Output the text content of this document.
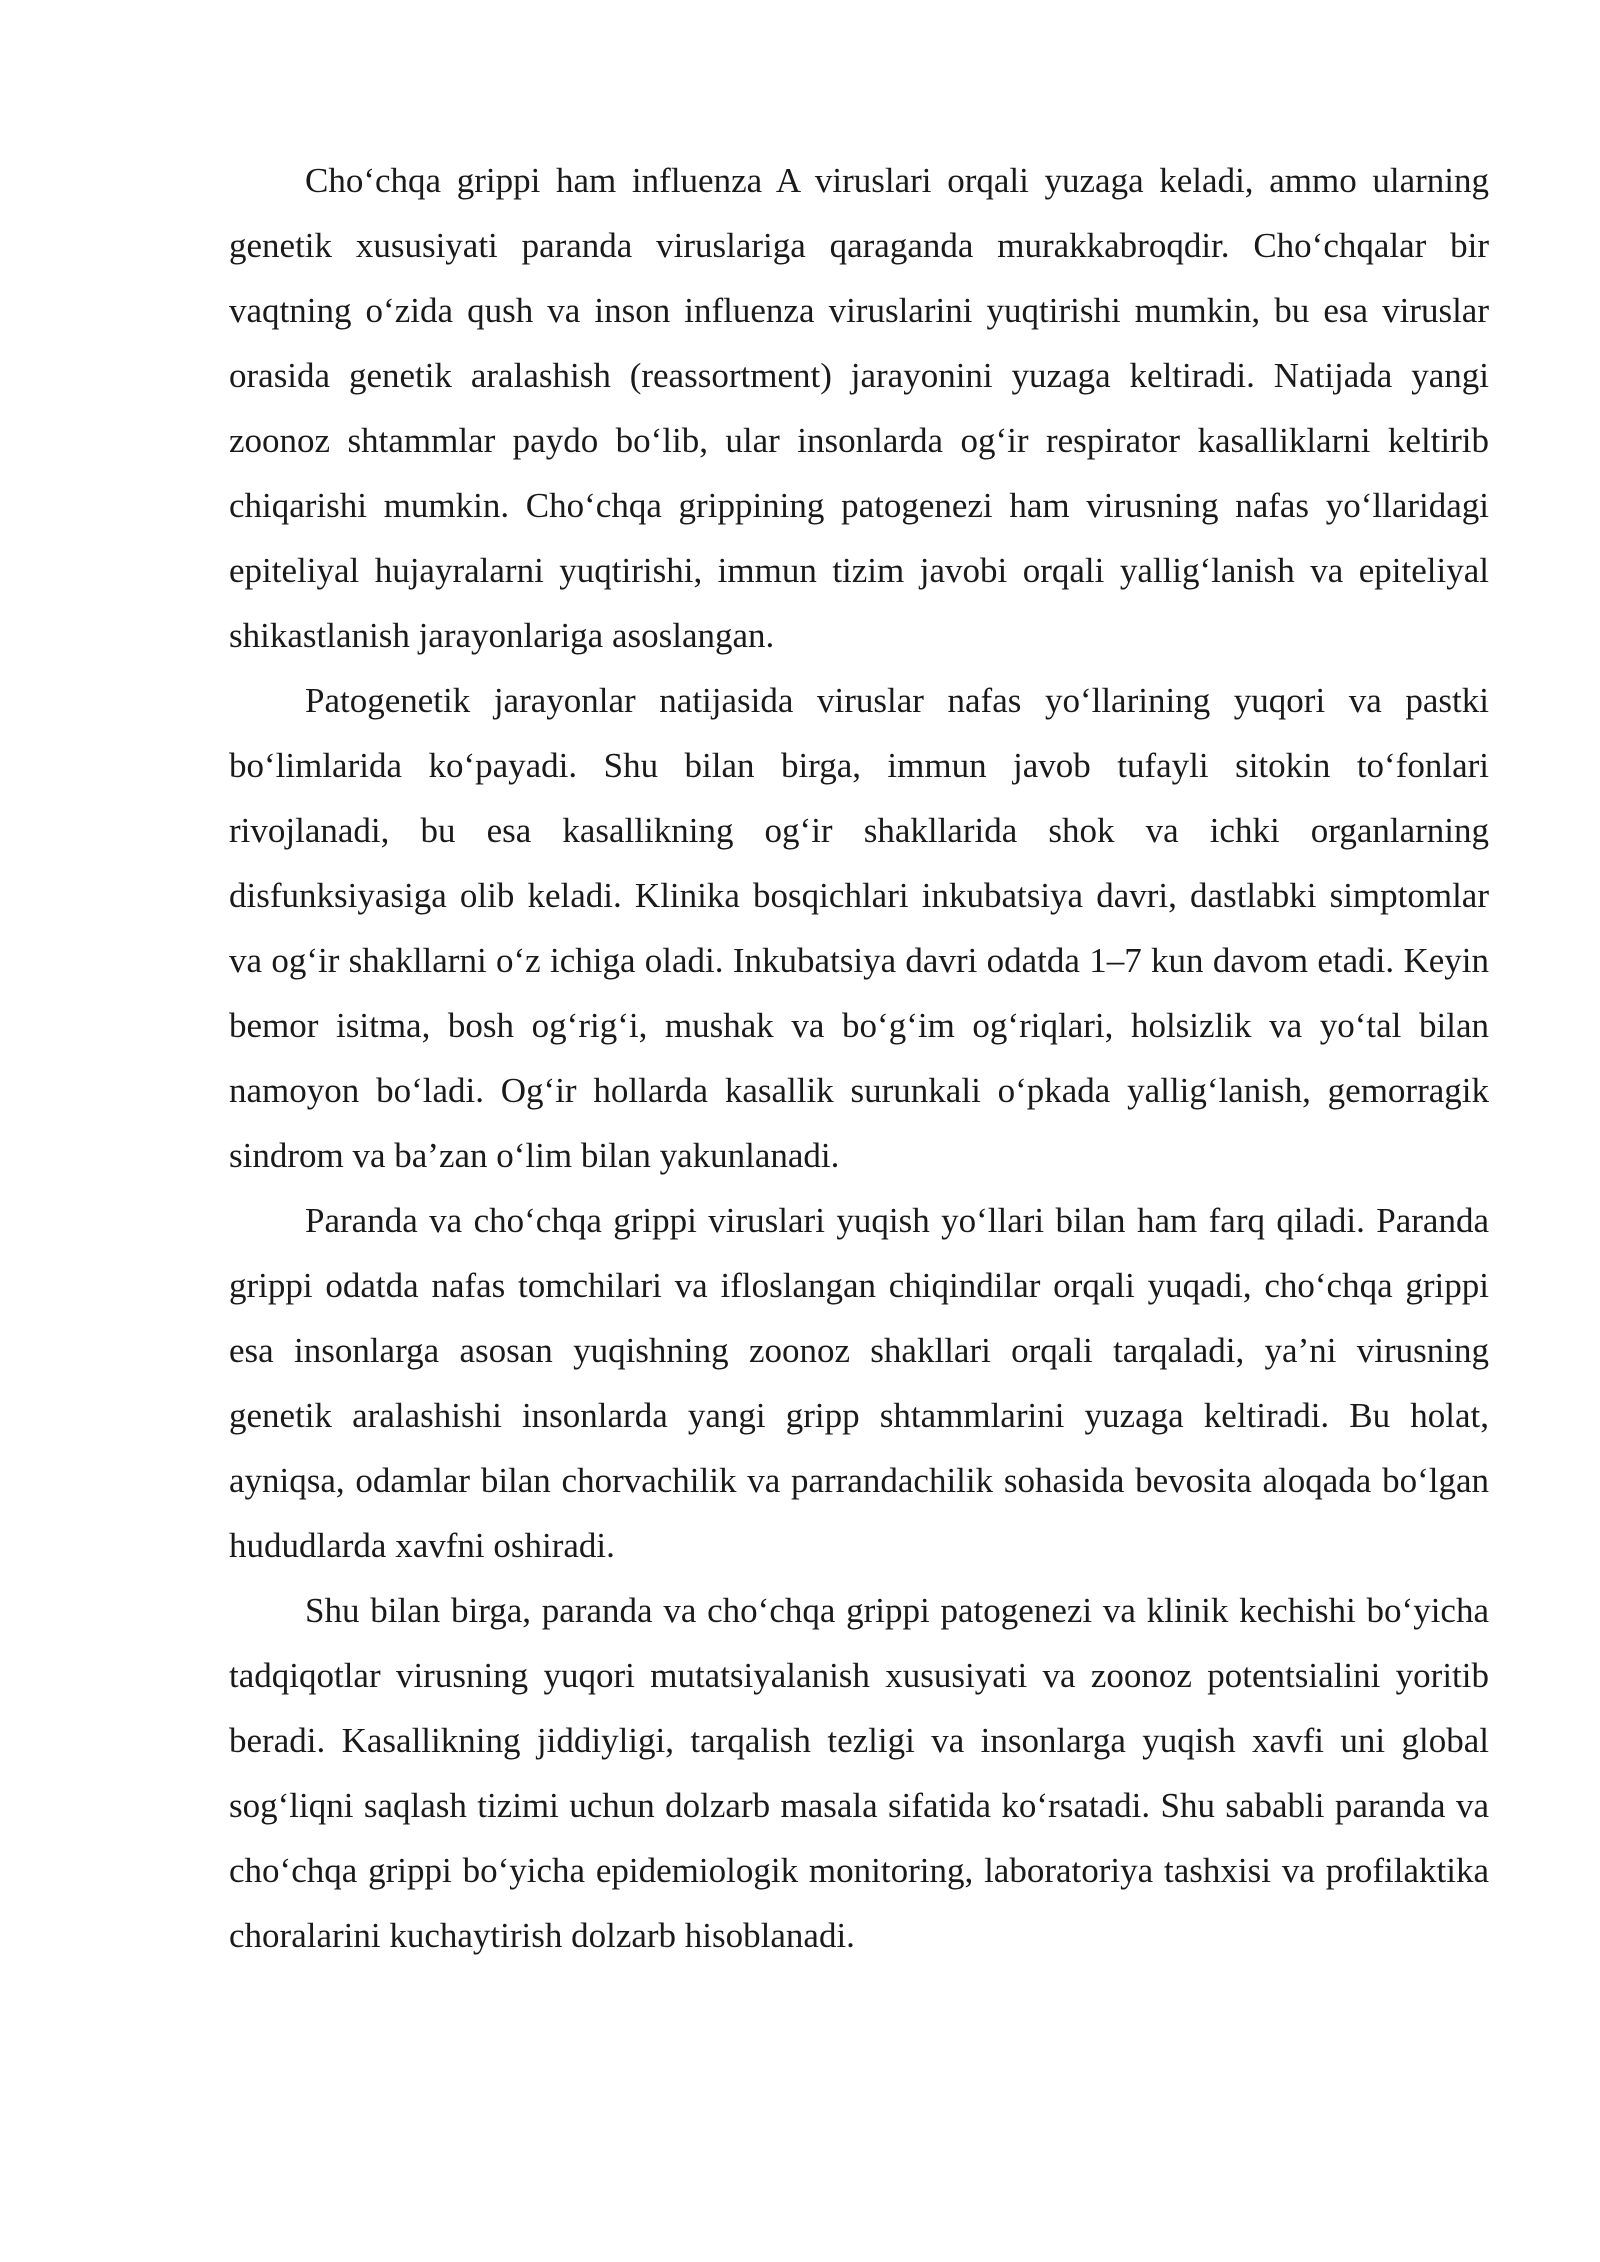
Cho‘chqa grippi ham influenza A viruslari orqali yuzaga keladi, ammo ularning genetik xususiyati paranda viruslariga qaraganda murakkabroqdir. Cho‘chqalar bir vaqtning o‘zida qush va inson influenza viruslarini yuqtirishi mumkin, bu esa viruslar orasida genetik aralashish (reassortment) jarayonini yuzaga keltiradi. Natijada yangi zoonoz shtammlar paydo bo‘lib, ular insonlarda og‘ir respirator kasalliklarni keltirib chiqarishi mumkin. Cho‘chqa grippining patogenezi ham virusning nafas yo‘llaridagi epiteliyal hujayralarni yuqtirishi, immun tizim javobi orqali yallig‘lanish va epiteliyal shikastlanish jarayonlariga asoslangan.

Patogenetik jarayonlar natijasida viruslar nafas yo‘llarining yuqori va pastki bo‘limlarida ko‘payadi. Shu bilan birga, immun javob tufayli sitokin to‘fonlari rivojlanadi, bu esa kasallikning og‘ir shakllarida shok va ichki organlarning disfunksiyasiga olib keladi. Klinika bosqichlari inkubatsiya davri, dastlabki simptomlar va og‘ir shakllarni o‘z ichiga oladi. Inkubatsiya davri odatda 1–7 kun davom etadi. Keyin bemor isitma, bosh og‘rig‘i, mushak va bo‘g‘im og‘riqlari, holsizlik va yo‘tal bilan namoyon bo‘ladi. Og‘ir hollarda kasallik surunkali o‘pkada yallig‘lanish, gemorragik sindrom va ba’zan o‘lim bilan yakunlanadi.

Paranda va cho‘chqa grippi viruslari yuqish yo‘llari bilan ham farq qiladi. Paranda grippi odatda nafas tomchilari va ifloslangan chiqindilar orqali yuqadi, cho‘chqa grippi esa insonlarga asosan yuqishning zoonoz shakllari orqali tarqaladi, ya’ni virusning genetik aralashishi insonlarda yangi gripp shtammlarini yuzaga keltiradi. Bu holat, ayniqsa, odamlar bilan chorvachilik va parrandachilik sohasida bevosita aloqada bo‘lgan hududlarda xavfni oshiradi.

Shu bilan birga, paranda va cho‘chqa grippi patogenezi va klinik kechishi bo‘yicha tadqiqotlar virusning yuqori mutatsiyalanish xususiyati va zoonoz potentsialini yoritib beradi. Kasallikning jiddiyligi, tarqalish tezligi va insonlarga yuqish xavfi uni global sog‘liqni saqlash tizimi uchun dolzarb masala sifatida ko‘rsatadi. Shu sababli paranda va cho‘chqa grippi bo‘yicha epidemiologik monitoring, laboratoriya tashxisi va profilaktika choralarini kuchaytirish dolzarb hisoblanadi.
